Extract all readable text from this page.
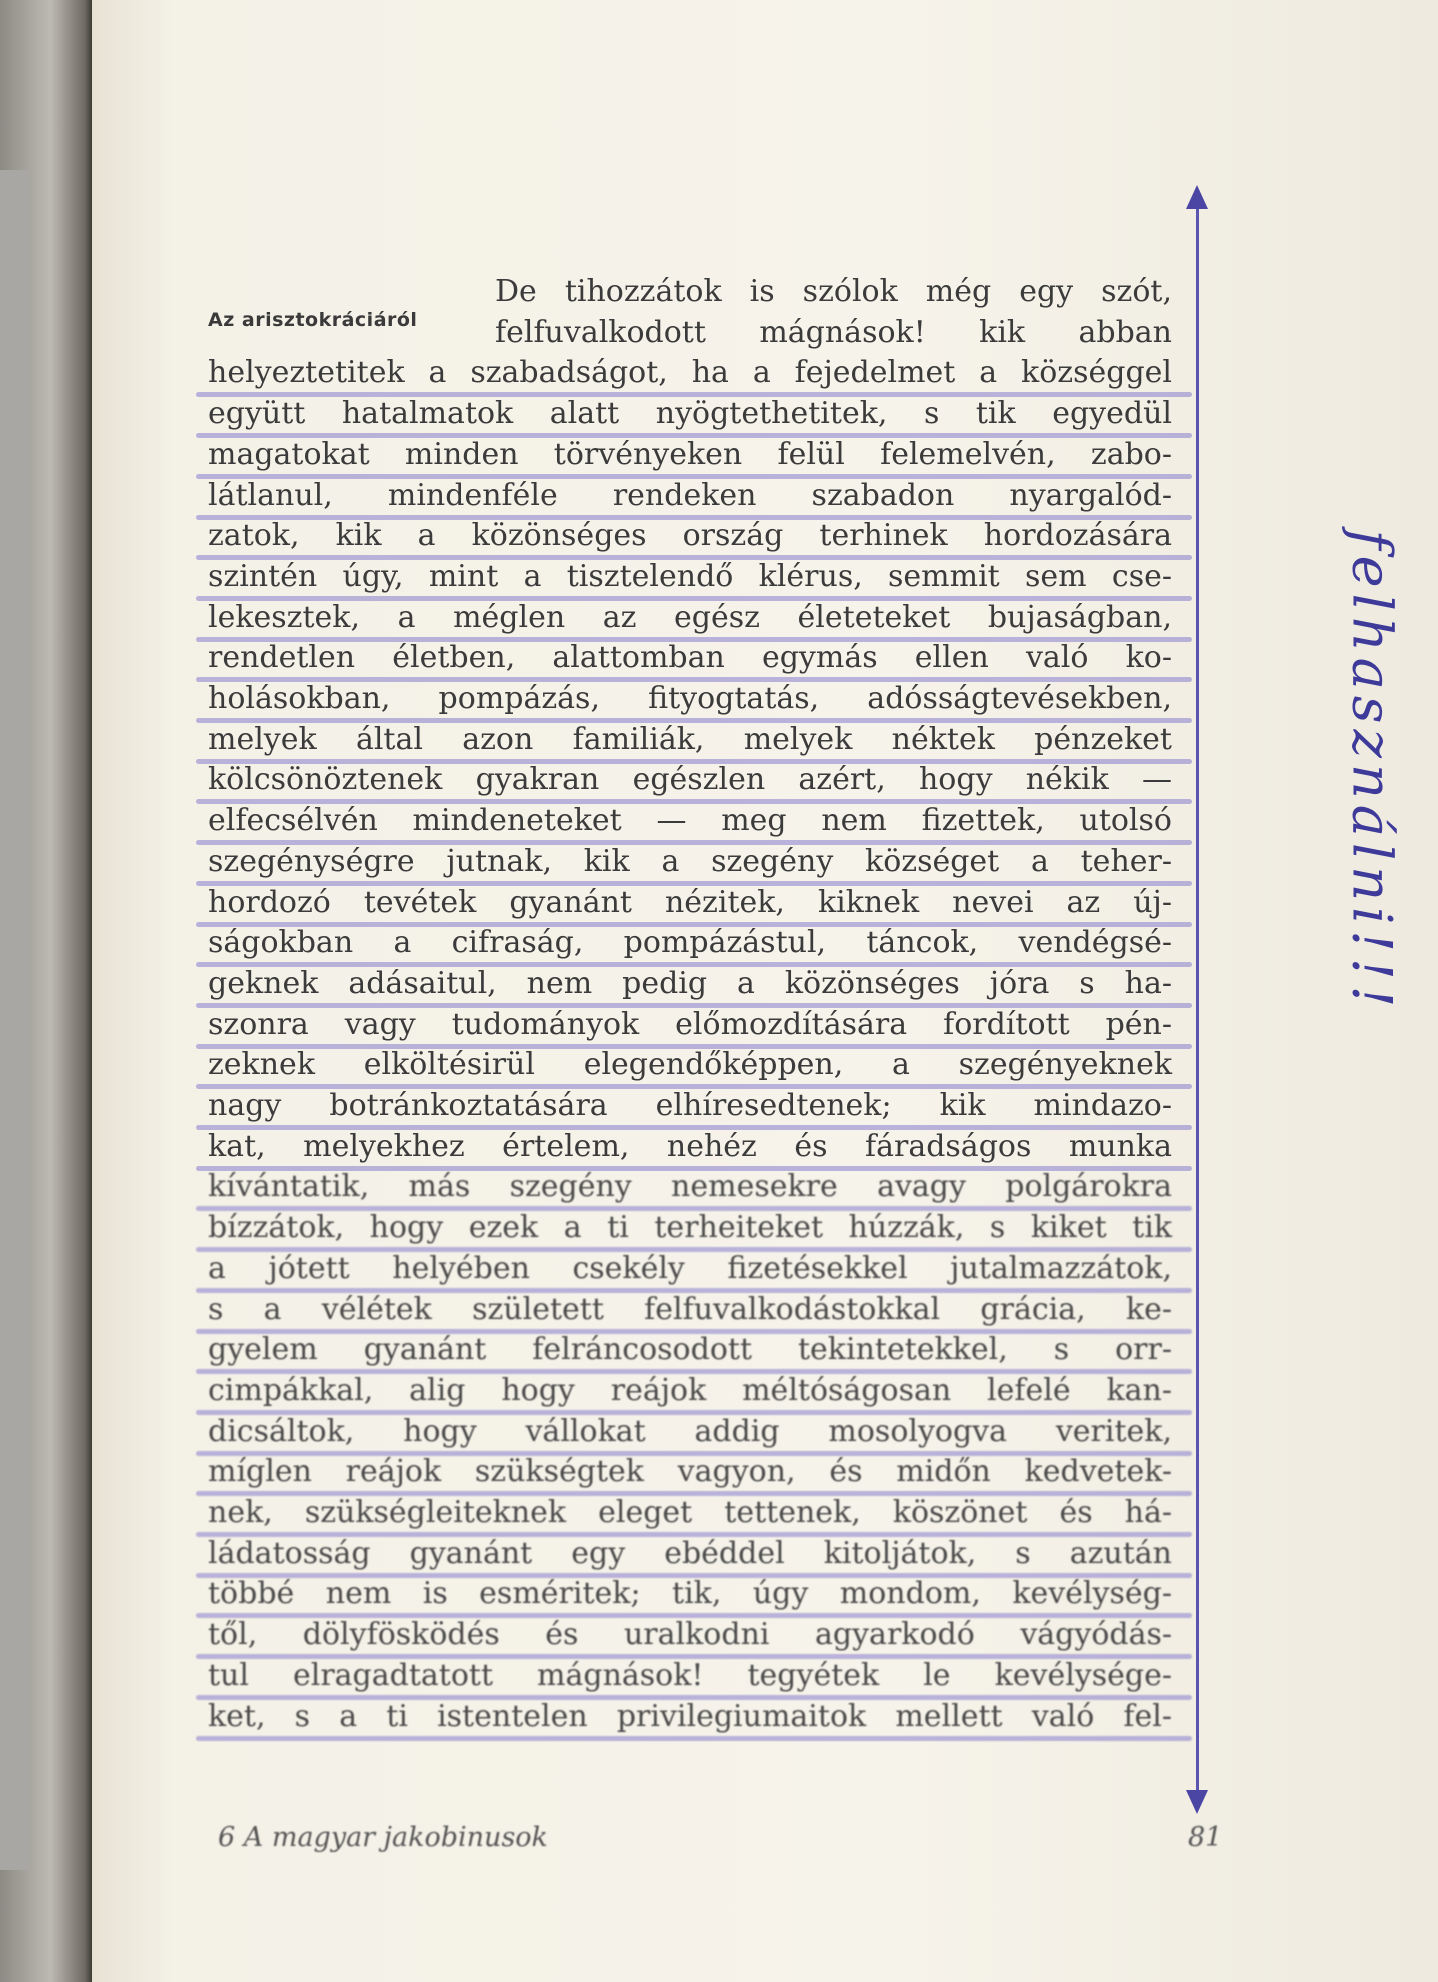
Az arisztokráciáról
De tihozzátok is szólok még egy szót,
felfuvalkodott mágnások! kik abban
helyeztetitek a szabadságot, ha a fejedelmet a községgel
együtt hatalmatok alatt nyögtethetitek, s tik egyedül
magatokat minden törvényeken felül felemelvén, zabo-
látlanul, mindenféle rendeken szabadon nyargalód-
zatok, kik a közönséges ország terhinek hordozására
szintén úgy, mint a tisztelendő klérus, semmit sem cse-
lekesztek, a méglen az egész életeteket bujaságban,
rendetlen életben, alattomban egymás ellen való ko-
holásokban, pompázás, fityogtatás, adósságtevésekben,
melyek által azon familiák, melyek néktek pénzeket
kölcsönöztenek gyakran egészlen azért, hogy nékik —
elfecsélvén mindeneteket — meg nem fizettek, utolsó
szegénységre jutnak, kik a szegény községet a teher-
hordozó tevétek gyanánt nézitek, kiknek nevei az új-
ságokban a cifraság, pompázástul, táncok, vendégsé-
geknek adásaitul, nem pedig a közönséges jóra s ha-
szonra vagy tudományok előmozdítására fordított pén-
zeknek elköltésirül elegendőképpen, a szegényeknek
nagy botránkoztatására elhíresedtenek; kik mindazo-
kat, melyekhez értelem, nehéz és fáradságos munka
kívántatik, más szegény nemesekre avagy polgárokra
bízzátok, hogy ezek a ti terheiteket húzzák, s kiket tik
a jótett helyében csekély fizetésekkel jutalmazzátok,
s a vélétek született felfuvalkodástokkal grácia, ke-
gyelem gyanánt felráncosodott tekintetekkel, s orr-
cimpákkal, alig hogy reájok méltóságosan lefelé kan-
dicsáltok, hogy vállokat addig mosolyogva veritek,
míglen reájok szükségtek vagyon, és midőn kedvetek-
nek, szükségleiteknek eleget tettenek, köszönet és há-
ládatosság gyanánt egy ebéddel kitoljátok, s azután
többé nem is esméritek; tik, úgy mondom, kevélység-
től, dölyfösködés és uralkodni agyarkodó vágyódás-
tul elragadtatott mágnások! tegyétek le kevélysége-
ket, s a ti istentelen privilegiumaitok mellett való fel-
felhasználni!!!
6 A magyar jakobinusok	81
